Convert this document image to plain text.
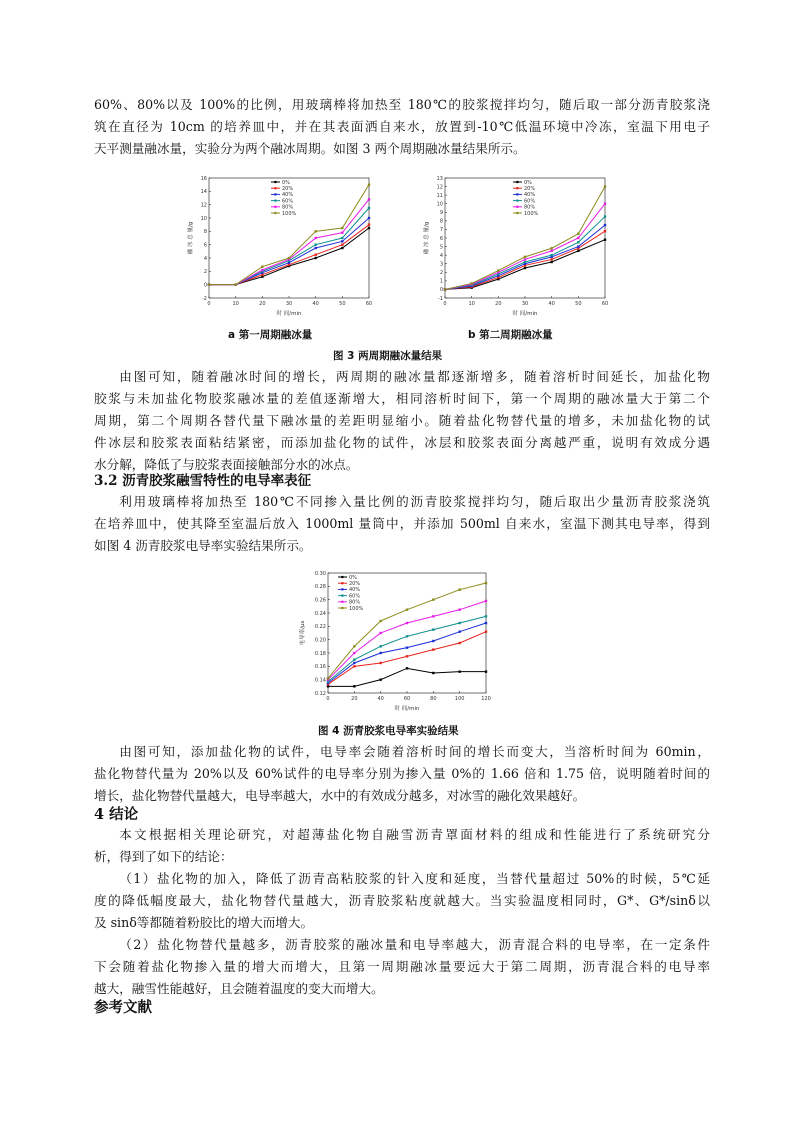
60%、80%以及 100%的比例，用玻璃棒将加热至 180℃的胶浆搅拌均匀，随后取一部分沥青胶浆浇
筑在直径为 10cm 的培养皿中，并在其表面洒自来水，放置到-10℃低温环境中冷冻，室温下用电子
天平测量融冰量，实验分为两个融冰周期。如图 3 两个周期融冰量结果所示。
-2
0
2
4
6
8
10
12
14
16
0	10	20	30	40	50	60
时 间/min
融 冰 总 量/g
0%
20%
40%
60%
80%
100%
-1
0
1
2
3
4
5
6
7
8
9
10
11
12
13
0	10	20	30	40	50	60
时 间/min
融 冰 总 量/g
0%
20%
40%
60%
80%
100%

a 第一周期融冰量	b 第二周期融冰量

图 3 两周期融冰量结果

由图可知，随着融冰时间的增长，两周期的融冰量都逐渐增多，随着溶析时间延长，加盐化物
胶浆与未加盐化物胶浆融冰量的差值逐渐增大，相同溶析时间下，第一个周期的融冰量大于第二个
周期，第二个周期各替代量下融冰量的差距明显缩小。随着盐化物替代量的增多，未加盐化物的试
件冰层和胶浆表面粘结紧密，而添加盐化物的试件，冰层和胶浆表面分离越严重，说明有效成分遇
水分解，降低了与胶浆表面接触部分水的冰点。

3.2 沥青胶浆融雪特性的电导率表征

利用玻璃棒将加热至 180℃不同掺入量比例的沥青胶浆搅拌均匀，随后取出少量沥青胶浆浇筑
在培养皿中，使其降至室温后放入 1000ml 量筒中，并添加 500ml 自来水，室温下测其电导率，得到
如图 4 沥青胶浆电导率实验结果所示。
0.12
0.14
0.16
0.18
0.20
0.22
0.24
0.26
0.28
0.30
0	20	40	60	80	100	120
时 间/min
电导率/μs
0%
20%
40%
60%
80%
100%

图 4 沥青胶浆电导率实验结果

由图可知，添加盐化物的试件，电导率会随着溶析时间的增长而变大，当溶析时间为 60min，
盐化物替代量为 20%以及 60%试件的电导率分别为掺入量 0%的 1.66 倍和 1.75 倍，说明随着时间的
增长，盐化物替代量越大，电导率越大，水中的有效成分越多，对冰雪的融化效果越好。

4 结论

本文根据相关理论研究，对超薄盐化物自融雪沥青罩面材料的组成和性能进行了系统研究分
析，得到了如下的结论：
（1）盐化物的加入，降低了沥青高粘胶浆的针入度和延度，当替代量超过 50%的时候，5℃延
度的降低幅度最大，盐化物替代量越大，沥青胶浆粘度就越大。当实验温度相同时，G*、G*/sinδ以
及 sinδ等都随着粉胶比的增大而增大。
（2）盐化物替代量越多，沥青胶浆的融冰量和电导率越大，沥青混合料的电导率，在一定条件
下会随着盐化物掺入量的增大而增大，且第一周期融冰量要远大于第二周期，沥青混合料的电导率
越大，融雪性能越好，且会随着温度的变大而增大。

参考文献
